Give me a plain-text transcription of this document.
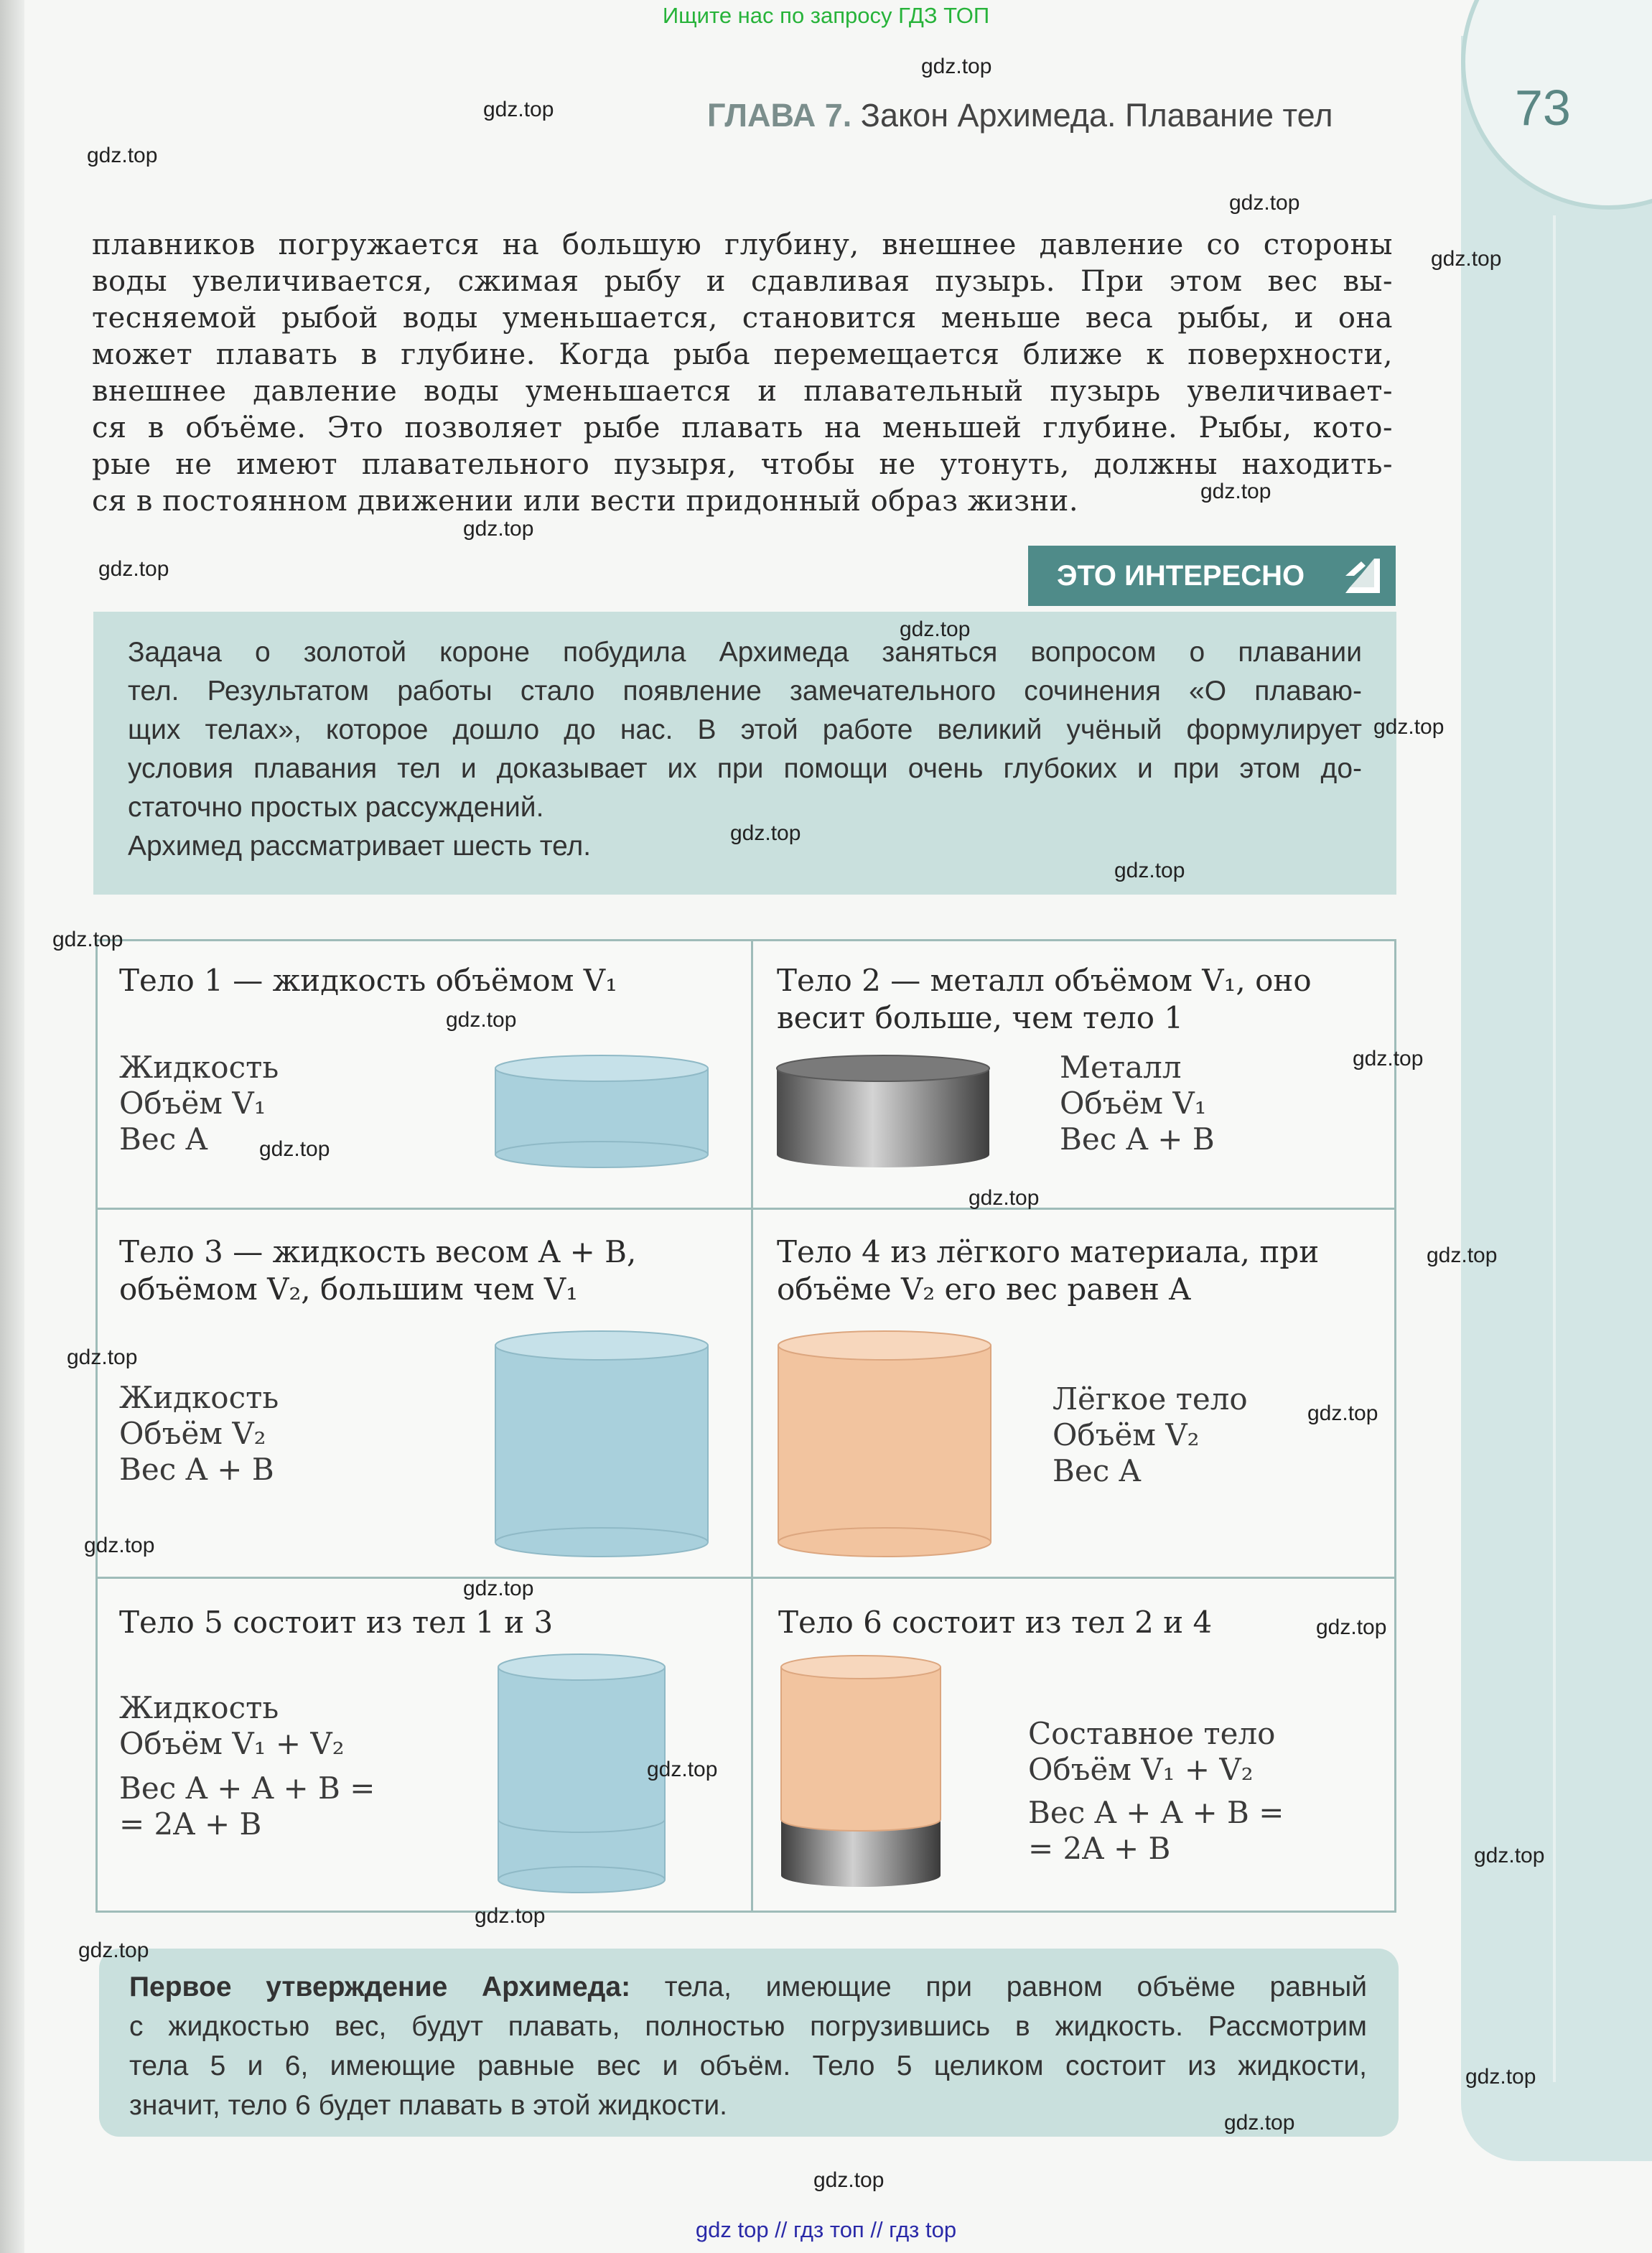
Ищите нас по запросу ГДЗ ТОП
73
ГЛАВА 7. Закон Архимеда. Плавание тел
плавников погружается на большую глубину, внешнее давление со стороны
воды увеличивается, сжимая рыбу и сдавливая пузырь. При этом вес вы-
тесняемой рыбой воды уменьшается, становится меньше веса рыбы, и она
может плавать в глубине. Когда рыба перемещается ближе к поверхности,
внешнее давление воды уменьшается и плавательный пузырь увеличивает-
ся в объёме. Это позволяет рыбе плавать на меньшей глубине. Рыбы, кото-
рые не имеют плавательного пузыря, чтобы не утонуть, должны находить-
ся в постоянном движении или вести придонный образ жизни.
ЭТО ИНТЕРЕСНО
Задача о золотой короне побудила Архимеда заняться вопросом о плавании
тел. Результатом работы стало появление замечательного сочинения «О плаваю-
щих телах», которое дошло до нас. В этой работе великий учёный формулирует
условия плавания тел и доказывает их при помощи очень глубоких и при этом до-
статочно простых рассуждений.
Архимед рассматривает шесть тел.
Тело 1 — жидкость объёмом V₁
Жидкость
Объём V₁
Вес A
Тело 2 — металл объёмом V₁, оно
весит больше, чем тело 1
Металл
Объём V₁
Вес A + B
Тело 3 — жидкость весом A + B,
объёмом V₂, большим чем V₁
Жидкость
Объём V₂
Вес A + B
Тело 4 из лёгкого материала, при
объёме V₂ его вес равен A
Лёгкое тело
Объём V₂
Вес A
Тело 5 состоит из тел 1 и 3
Жидкость
Объём V₁ + V₂
Вес A + A + B =
= 2A + B
Тело 6 состоит из тел 2 и 4
Составное тело
Объём V₁ + V₂
Вес A + A + B =
= 2A + B
Первое утверждение Архимеда: тела, имеющие при равном объёме равный
с жидкостью вес, будут плавать, полностью погрузившись в жидкость. Рассмотрим
тела 5 и 6, имеющие равные вес и объём. Тело 5 целиком состоит из жидкости,
значит, тело 6 будет плавать в этой жидкости.
gdz.top
gdz.top
gdz.top
gdz.top
gdz.top
gdz.top
gdz.top
gdz.top
gdz.top
gdz.top
gdz.top
gdz.top
gdz.top
gdz.top
gdz.top
gdz.top
gdz.top
gdz.top
gdz.top
gdz.top
gdz.top
gdz.top
gdz.top
gdz.top
gdz.top
gdz.top
gdz.top
gdz.top
gdz.top
gdz.top
gdz top // гдз топ // гдз top
